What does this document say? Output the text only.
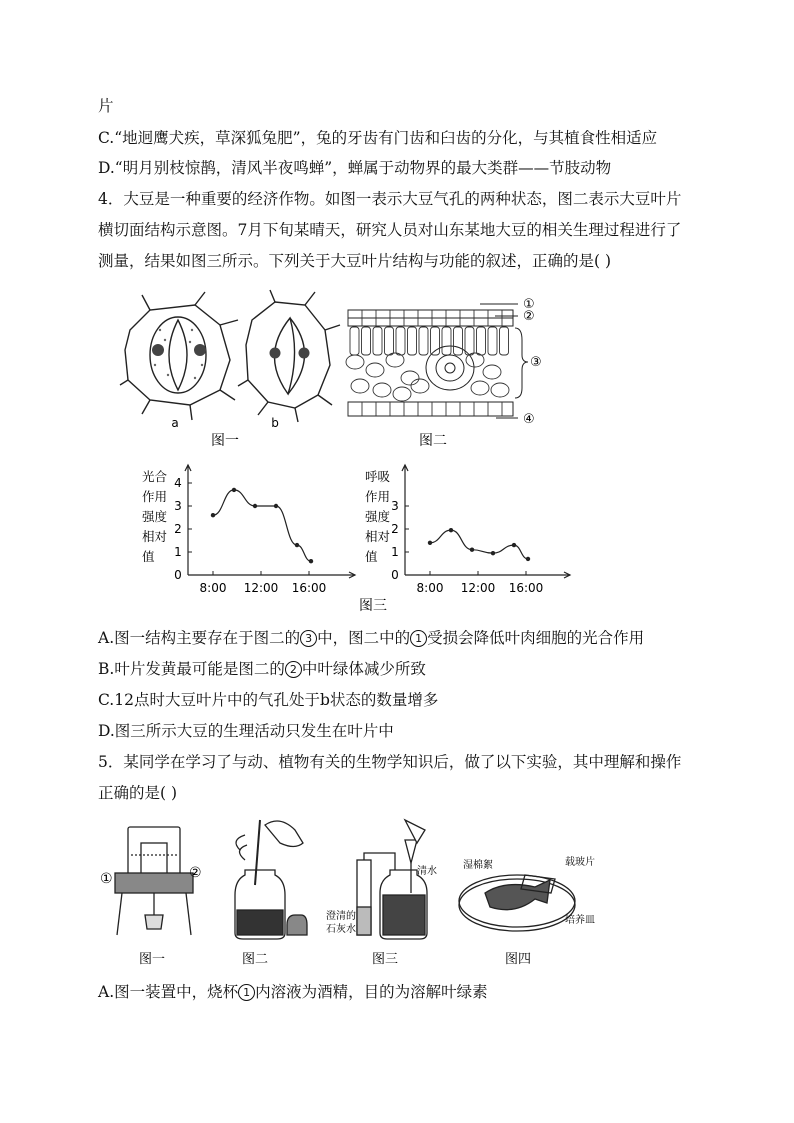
片
C.“地迥鹰犬疾，草深狐兔肥”，兔的牙齿有门齿和臼齿的分化，与其植食性相适应
D.“明月别枝惊鹊，清风半夜鸣蝉”，蝉属于动物界的最大类群——节肢动物
4．大豆是一种重要的经济作物。如图一表示大豆气孔的两种状态，图二表示大豆叶片
横切面结构示意图。7月下旬某晴天，研究人员对山东某地大豆的相关生理过程进行了
测量，结果如图三所示。下列关于大豆叶片结构与功能的叙述，正确的是( )
a	b
图一
①
②
③
④
图二
光合
作用
强度
相对
值
0
1
2
3
4
8:00 12:00 16:00
呼吸
作用
强度
相对
值
0
1
2
3
8:00 12:00 16:00
图三
A.图一结构主要存在于图二的 3 中，图二中的 1 受损会降低叶肉细胞的光合作用
B.叶片发黄最可能是图二的 2 中叶绿体减少所致
C.12点时大豆叶片中的气孔处于b状态的数量增多
D.图三所示大豆的生理活动只发生在叶片中
5．某同学在学习了与动、植物有关的生物学知识后，做了以下实验，其中理解和操作
正确的是( )
①	②
图一	图二
清水
澄清的
石灰水
图三
湿棉絮	载玻片
培养皿
图四
A.图一装置中，烧杯 1 内溶液为酒精，目的为溶解叶绿素
